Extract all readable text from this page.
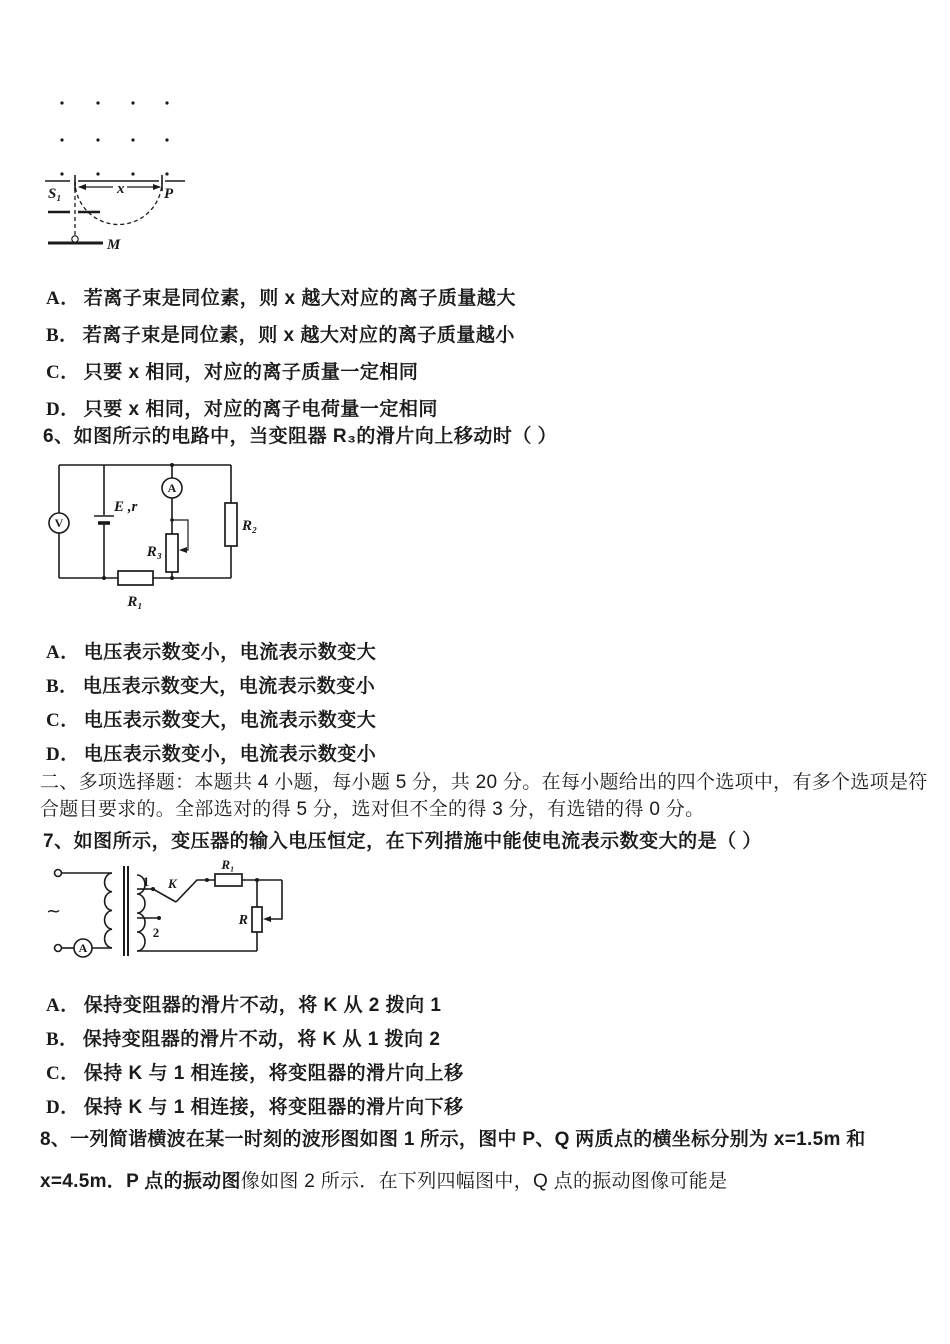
x
S₁	P
M
A． 若离子束是同位素，则 x 越大对应的离子质量越大
B． 若离子束是同位素，则 x 越大对应的离子质量越小
C． 只要 x 相同，对应的离子质量一定相同
D． 只要 x 相同，对应的离子电荷量一定相同
6、如图所示的电路中，当变阻器 R₃的滑片向上移动时（ ）
V
E ,r
A
R₃
R₂
R₁
A． 电压表示数变小，电流表示数变大
B． 电压表示数变大，电流表示数变小
C． 电压表示数变大，电流表示数变大
D． 电压表示数变小，电流表示数变小
二、多项选择题：本题共 4 小题，每小题 5 分，共 20 分。在每小题给出的四个选项中，有多个选项是符合题目要求的。全部选对的得 5 分，选对但不全的得 3 分，有选错的得 0 分。
7、如图所示，变压器的输入电压恒定，在下列措施中能使电流表示数变大的是（ ）
~
A
1 K
2
R₁
R
A． 保持变阻器的滑片不动，将 K 从 2 拨向 1
B． 保持变阻器的滑片不动，将 K 从 1 拨向 2
C． 保持 K 与 1 相连接，将变阻器的滑片向上移
D． 保持 K 与 1 相连接，将变阻器的滑片向下移
8、一列简谐横波在某一时刻的波形图如图 1 所示，图中 P、Q 两质点的横坐标分别为 x=1.5m 和 x=4.5m．P 点的振动图像如图 2 所示．在下列四幅图中，Q 点的振动图像可能是
